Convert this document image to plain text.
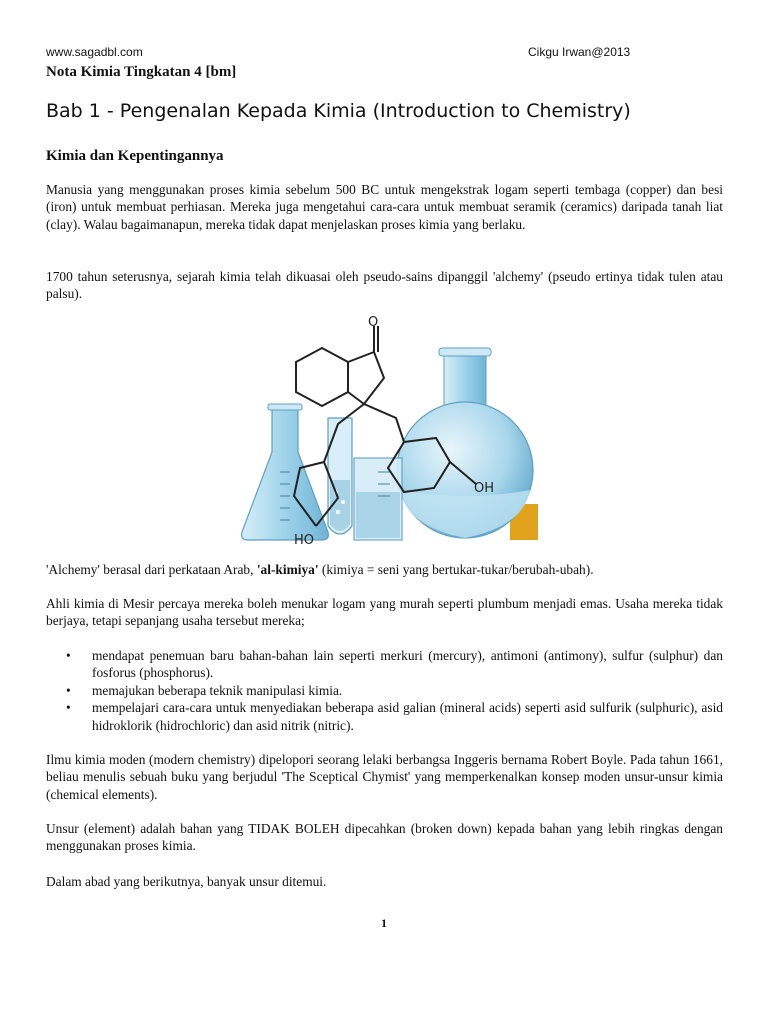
www.sagadbl.com	Cikgu Irwan@2013
Nota Kimia Tingkatan 4 [bm]
Bab 1 - Pengenalan Kepada Kimia (Introduction to Chemistry)
Kimia dan Kepentingannya

Manusia yang menggunakan proses kimia sebelum 500 BC untuk mengekstrak logam seperti tembaga (copper) dan besi (iron) untuk membuat perhiasan. Mereka juga mengetahui cara-cara untuk membuat seramik (ceramics) daripada tanah liat (clay). Walau bagaimanapun, mereka tidak dapat menjelaskan proses kimia yang berlaku.

1700 tahun seterusnya, sejarah kimia telah dikuasai oleh pseudo-sains dipanggil 'alchemy' (pseudo ertinya tidak tulen atau palsu).

O
OH
HO

'Alchemy' berasal dari perkataan Arab, 'al-kimiya' (kimiya = seni yang bertukar-tukar/berubah-ubah).

Ahli kimia di Mesir percaya mereka boleh menukar logam yang murah seperti plumbum menjadi emas. Usaha mereka tidak berjaya, tetapi sepanjang usaha tersebut mereka;

• mendapat penemuan baru bahan-bahan lain seperti merkuri (mercury), antimoni (antimony), sulfur (sulphur) dan fosforus (phosphorus).
• memajukan beberapa teknik manipulasi kimia.
• mempelajari cara-cara untuk menyediakan beberapa asid galian (mineral acids) seperti asid sulfurik (sulphuric), asid hidroklorik (hidrochloric) dan asid nitrik (nitric).

Ilmu kimia moden (modern chemistry) dipelopori seorang lelaki berbangsa Inggeris bernama Robert Boyle. Pada tahun 1661, beliau menulis sebuah buku yang berjudul 'The Sceptical Chymist' yang memperkenalkan konsep moden unsur-unsur kimia (chemical elements).

Unsur (element) adalah bahan yang TIDAK BOLEH dipecahkan (broken down) kepada bahan yang lebih ringkas dengan menggunakan proses kimia.

Dalam abad yang berikutnya, banyak unsur ditemui.

1
